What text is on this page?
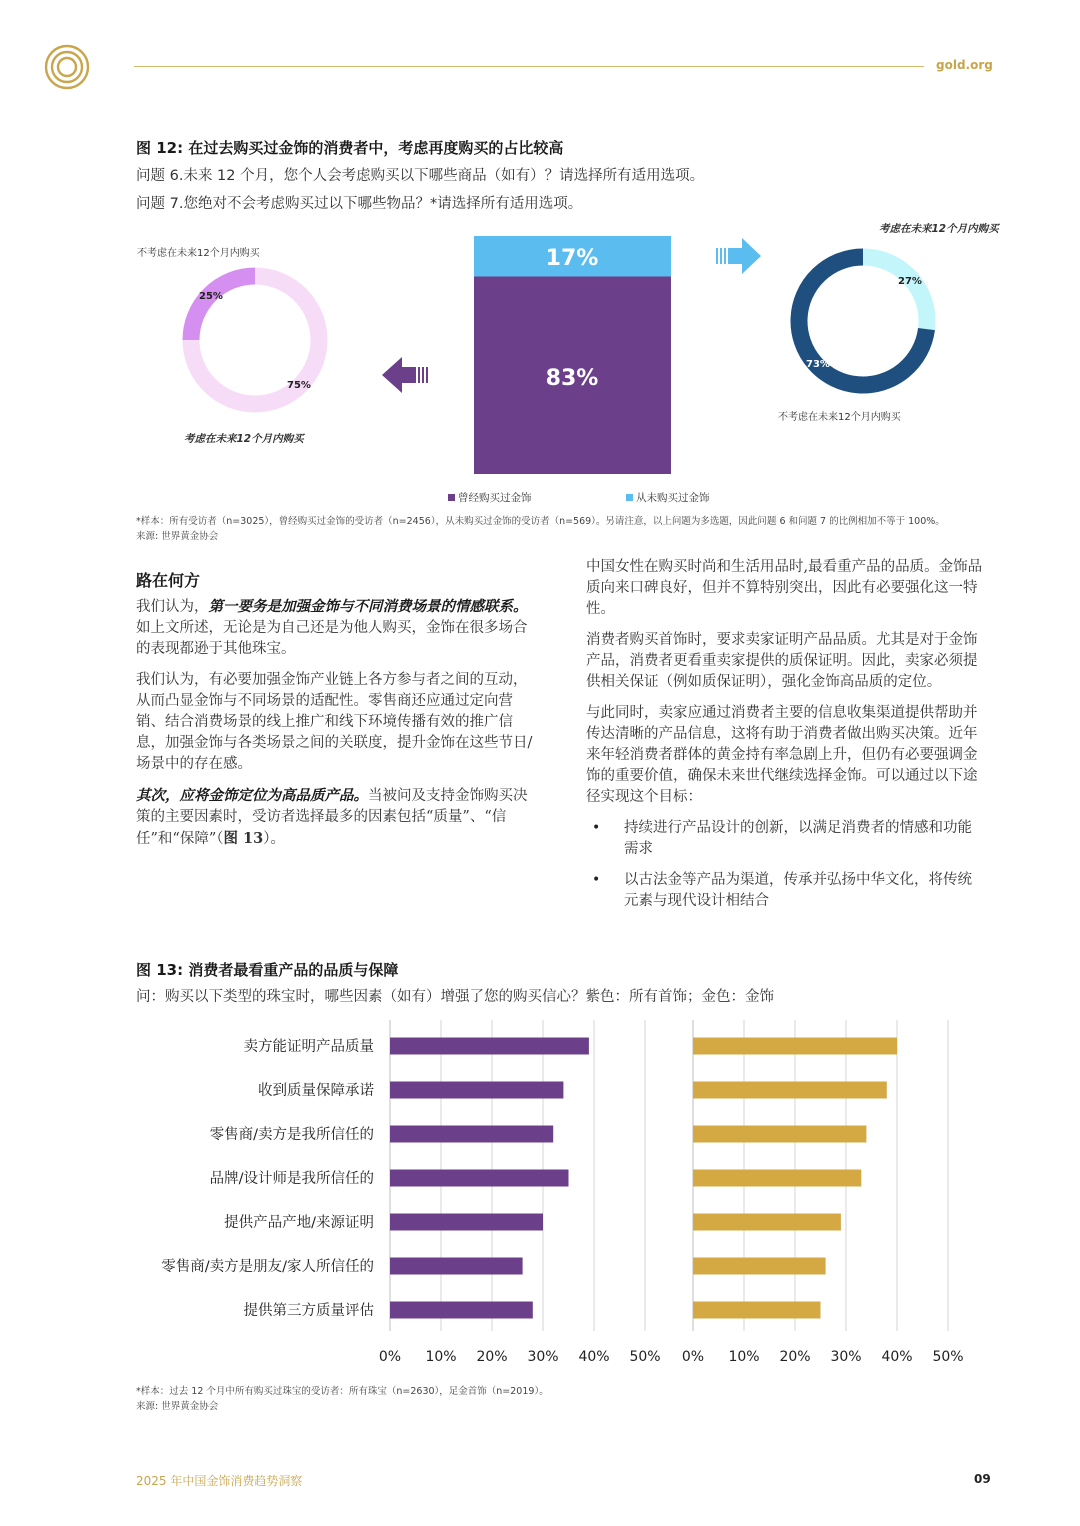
gold.org
图 12: 在过去购买过金饰的消费者中，考虑再度购买的占比较高
问题 6.未来 12 个月，您个人会考虑购买以下哪些商品（如有）？请选择所有适用选项。
问题 7.您绝对不会考虑购买过以下哪些物品？*请选择所有适用选项。
不考虑在未来12个月内购买
25%
75%
考虑在未来12个月内购买
17%
83%
曾经购买过金饰	从未购买过金饰
考虑在未来12个月内购买
27%
73%
不考虑在未来12个月内购买
*样本：所有受访者（n=3025），曾经购买过金饰的受访者（n=2456），从未购买过金饰的受访者（n=569）。另请注意，以上问题为多选题，因此问题 6 和问题 7 的比例相加不等于 100%。
来源: 世界黄金协会
路在何方

我们认为，第一要务是加强金饰与不同消费场景的情感联系。如上文所述，无论是为自己还是为他人购买，金饰在很多场合的表现都逊于其他珠宝。

我们认为，有必要加强金饰产业链上各方参与者之间的互动，从而凸显金饰与不同场景的适配性。零售商还应通过定向营销、结合消费场景的线上推广和线下环境传播有效的推广信息，加强金饰与各类场景之间的关联度，提升金饰在这些节日/场景中的存在感。

其次，应将金饰定位为高品质产品。当被问及支持金饰购买决策的主要因素时，受访者选择最多的因素包括“质量”、“信任”和“保障”（图 13）。

中国女性在购买时尚和生活用品时,最看重产品的品质。金饰品质向来口碑良好，但并不算特别突出，因此有必要强化这一特性。

消费者购买首饰时，要求卖家证明产品品质。尤其是对于金饰产品，消费者更看重卖家提供的质保证明。因此，卖家必须提供相关保证（例如质保证明），强化金饰高品质的定位。

与此同时，卖家应通过消费者主要的信息收集渠道提供帮助并传达清晰的产品信息，这将有助于消费者做出购买决策。近年来年轻消费者群体的黄金持有率急剧上升，但仍有必要强调金饰的重要价值，确保未来世代继续选择金饰。可以通过以下途径实现这个目标：

• 持续进行产品设计的创新，以满足消费者的情感和功能需求
• 以古法金等产品为渠道，传承并弘扬中华文化，将传统元素与现代设计相结合
图 13: 消费者最看重产品的品质与保障
问：购买以下类型的珠宝时，哪些因素（如有）增强了您的购买信心？紫色：所有首饰；金色：金饰
0% 10% 20% 30% 40% 50% 0% 10% 20% 30% 40% 50%
卖方能证明产品质量
收到质量保障承诺
零售商/卖方是我所信任的
品牌/设计师是我所信任的
提供产品产地/来源证明
零售商/卖方是朋友/家人所信任的
提供第三方质量评估
*样本：过去 12 个月中所有购买过珠宝的受访者：所有珠宝（n=2630），足金首饰（n=2019）。
来源: 世界黄金协会
2025 年中国金饰消费趋势洞察	09
